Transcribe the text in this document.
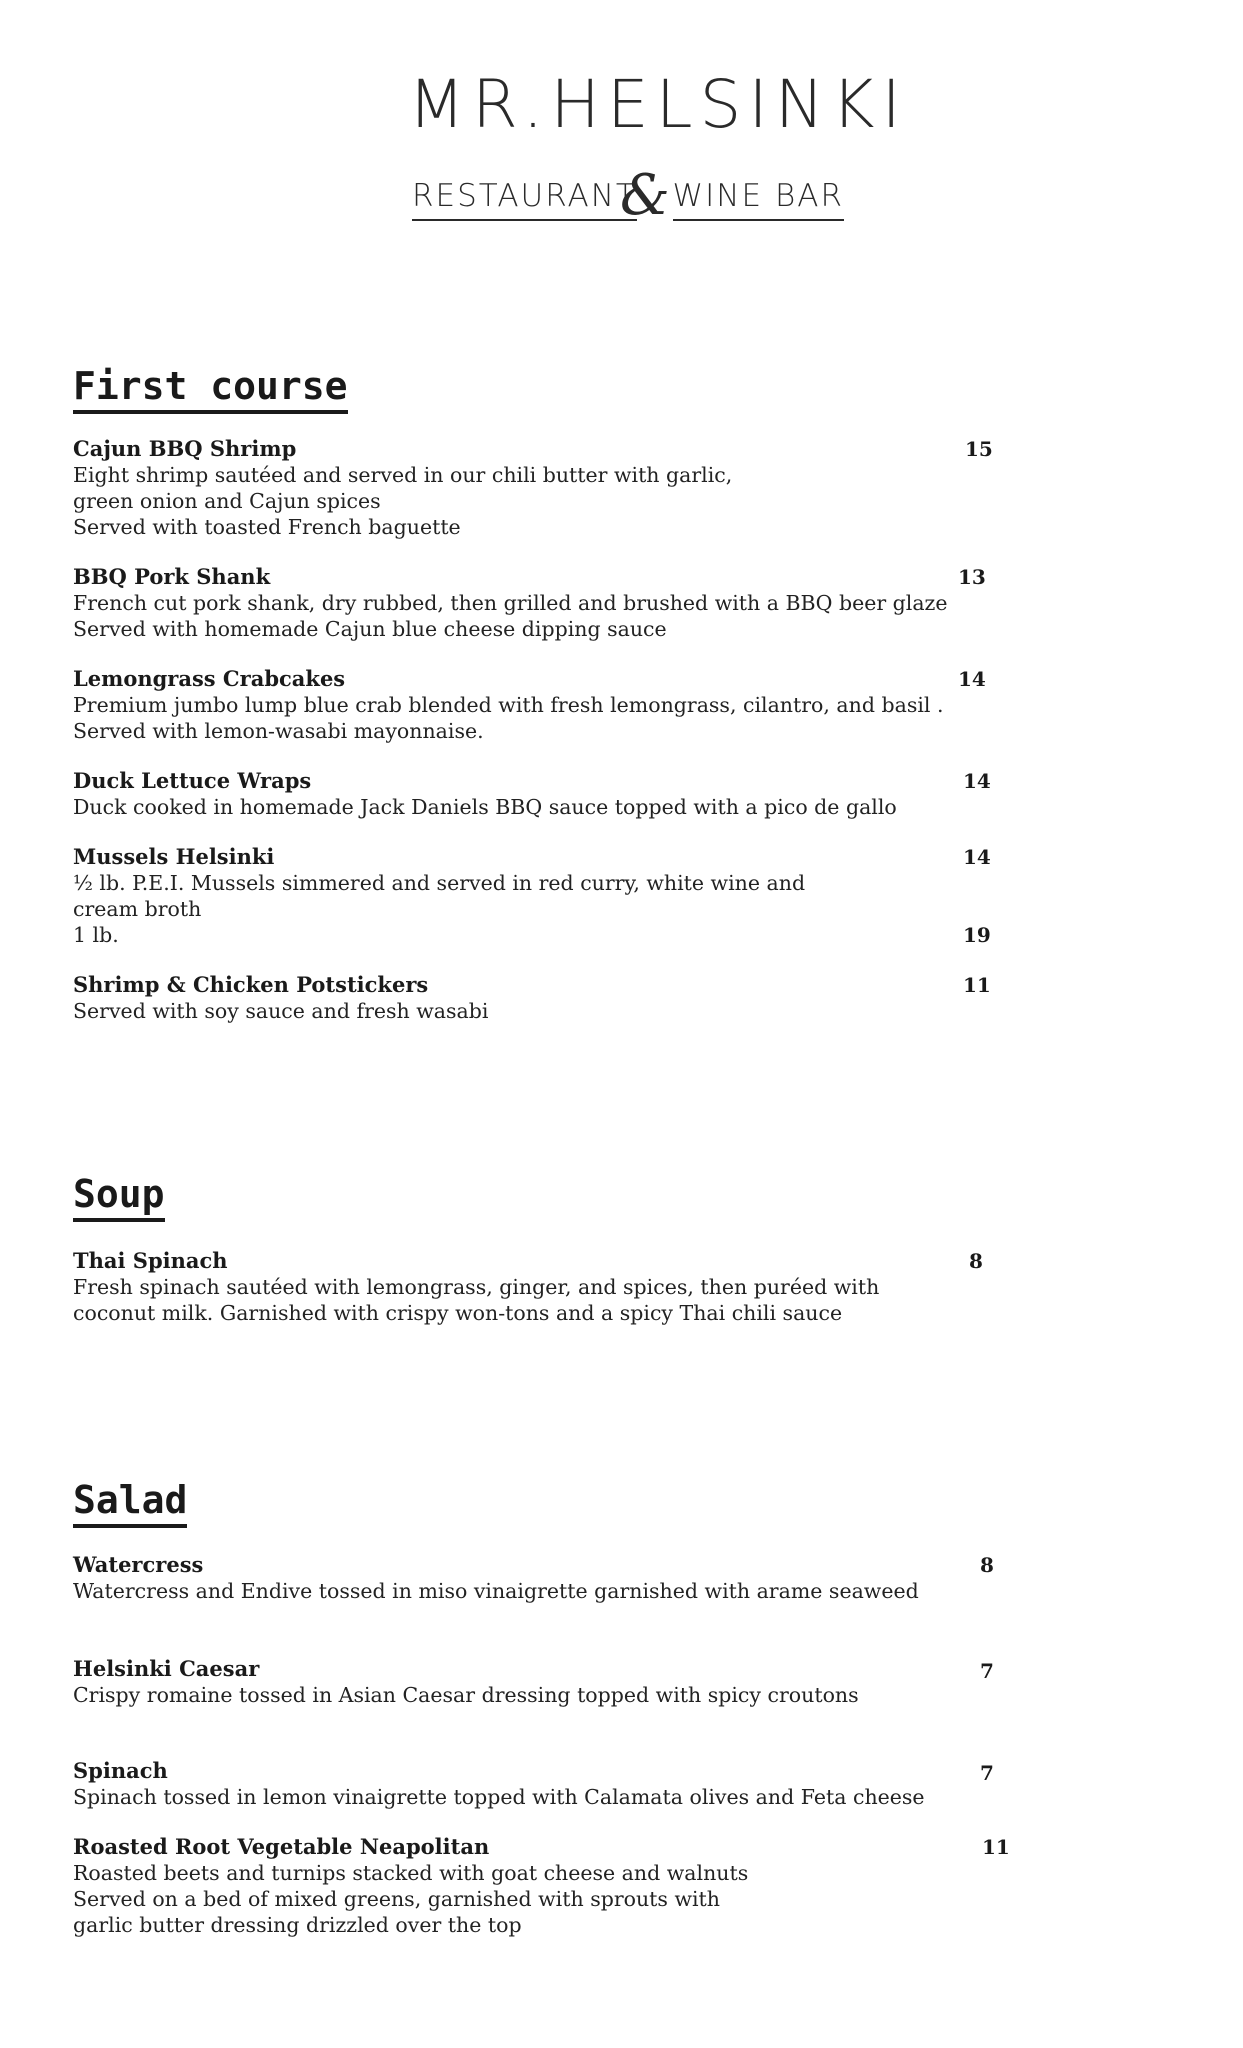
MR.HELSINKI
RESTAURANT
& WINE BAR
First course
Cajun BBQ Shrimp
Eight shrimp sautéed and served in our chili butter with garlic,
green onion and Cajun spices
Served with toasted French baguette
15
BBQ Pork Shank
French cut pork shank, dry rubbed, then grilled and brushed with a BBQ beer glaze
Served with homemade Cajun blue cheese dipping sauce
13
Lemongrass Crabcakes
Premium jumbo lump blue crab blended with fresh lemongrass, cilantro, and basil .
Served with lemon-wasabi mayonnaise.
14
Duck Lettuce Wraps
Duck cooked in homemade Jack Daniels BBQ sauce topped with a pico de gallo
14
Mussels Helsinki
½ lb. P.E.I. Mussels simmered and served in red curry, white wine and
cream broth
1 lb.
14
19
Shrimp & Chicken Potstickers
Served with soy sauce and fresh wasabi
11
Soup
Thai Spinach
Fresh spinach sautéed with lemongrass, ginger, and spices, then puréed with
coconut milk. Garnished with crispy won-tons and a spicy Thai chili sauce
8
Salad
Watercress
Watercress and Endive tossed in miso vinaigrette garnished with arame seaweed
8
Helsinki Caesar
Crispy romaine tossed in Asian Caesar dressing topped with spicy croutons
7
Spinach
Spinach tossed in lemon vinaigrette topped with Calamata olives and Feta cheese
7
Roasted Root Vegetable Neapolitan
Roasted beets and turnips stacked with goat cheese and walnuts
Served on a bed of mixed greens, garnished with sprouts with
garlic butter dressing drizzled over the top
11
